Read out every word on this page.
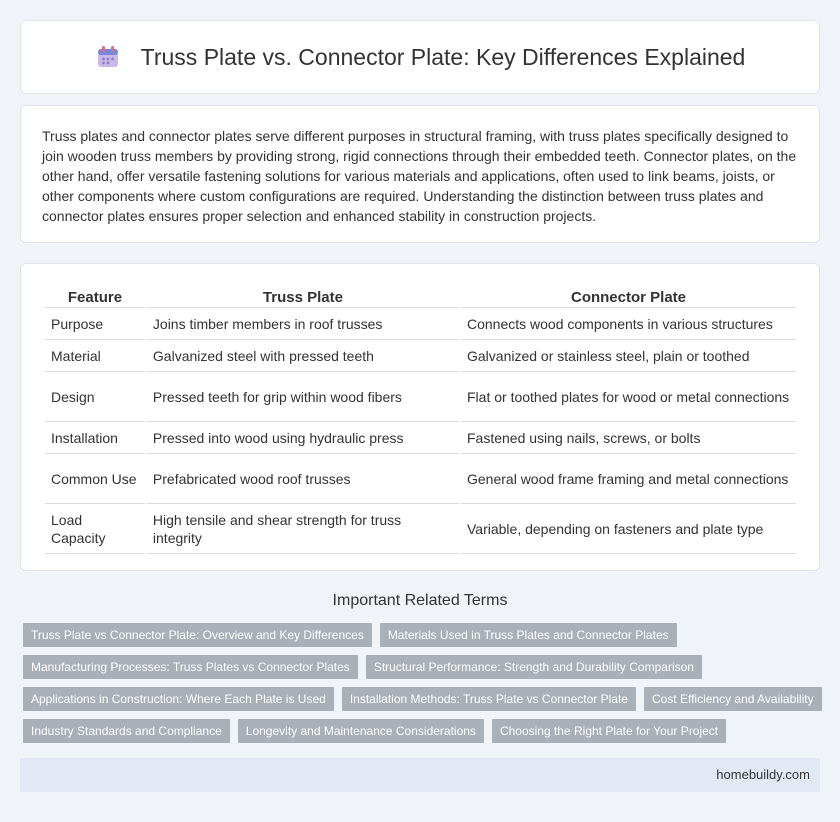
Truss Plate vs. Connector Plate: Key Differences Explained

Truss plates and connector plates serve different purposes in structural framing, with truss plates specifically designed to join wooden truss members by providing strong, rigid connections through their embedded teeth. Connector plates, on the other hand, offer versatile fastening solutions for various materials and applications, often used to link beams, joists, or other components where custom configurations are required. Understanding the distinction between truss plates and connector plates ensures proper selection and enhanced stability in construction projects.

Feature	Truss Plate	Connector Plate
Purpose	Joins timber members in roof trusses	Connects wood components in various structures
Material	Galvanized steel with pressed teeth	Galvanized or stainless steel, plain or toothed
Design	Pressed teeth for grip within wood fibers	Flat or toothed plates for wood or metal connections
Installation	Pressed into wood using hydraulic press	Fastened using nails, screws, or bolts
Common Use	Prefabricated wood roof trusses	General wood frame framing and metal connections
Load Capacity	High tensile and shear strength for truss integrity	Variable, depending on fasteners and plate type
Important Related Terms
Truss Plate vs Connector Plate: Overview and Key Differences	Materials Used in Truss Plates and Connector Plates
Manufacturing Processes: Truss Plates vs Connector Plates	Structural Performance: Strength and Durability Comparison
Applications in Construction: Where Each Plate is Used	Installation Methods: Truss Plate vs Connector Plate	Cost Efficiency and Availability
Industry Standards and Compliance	Longevity and Maintenance Considerations	Choosing the Right Plate for Your Project
homebuildy.com
